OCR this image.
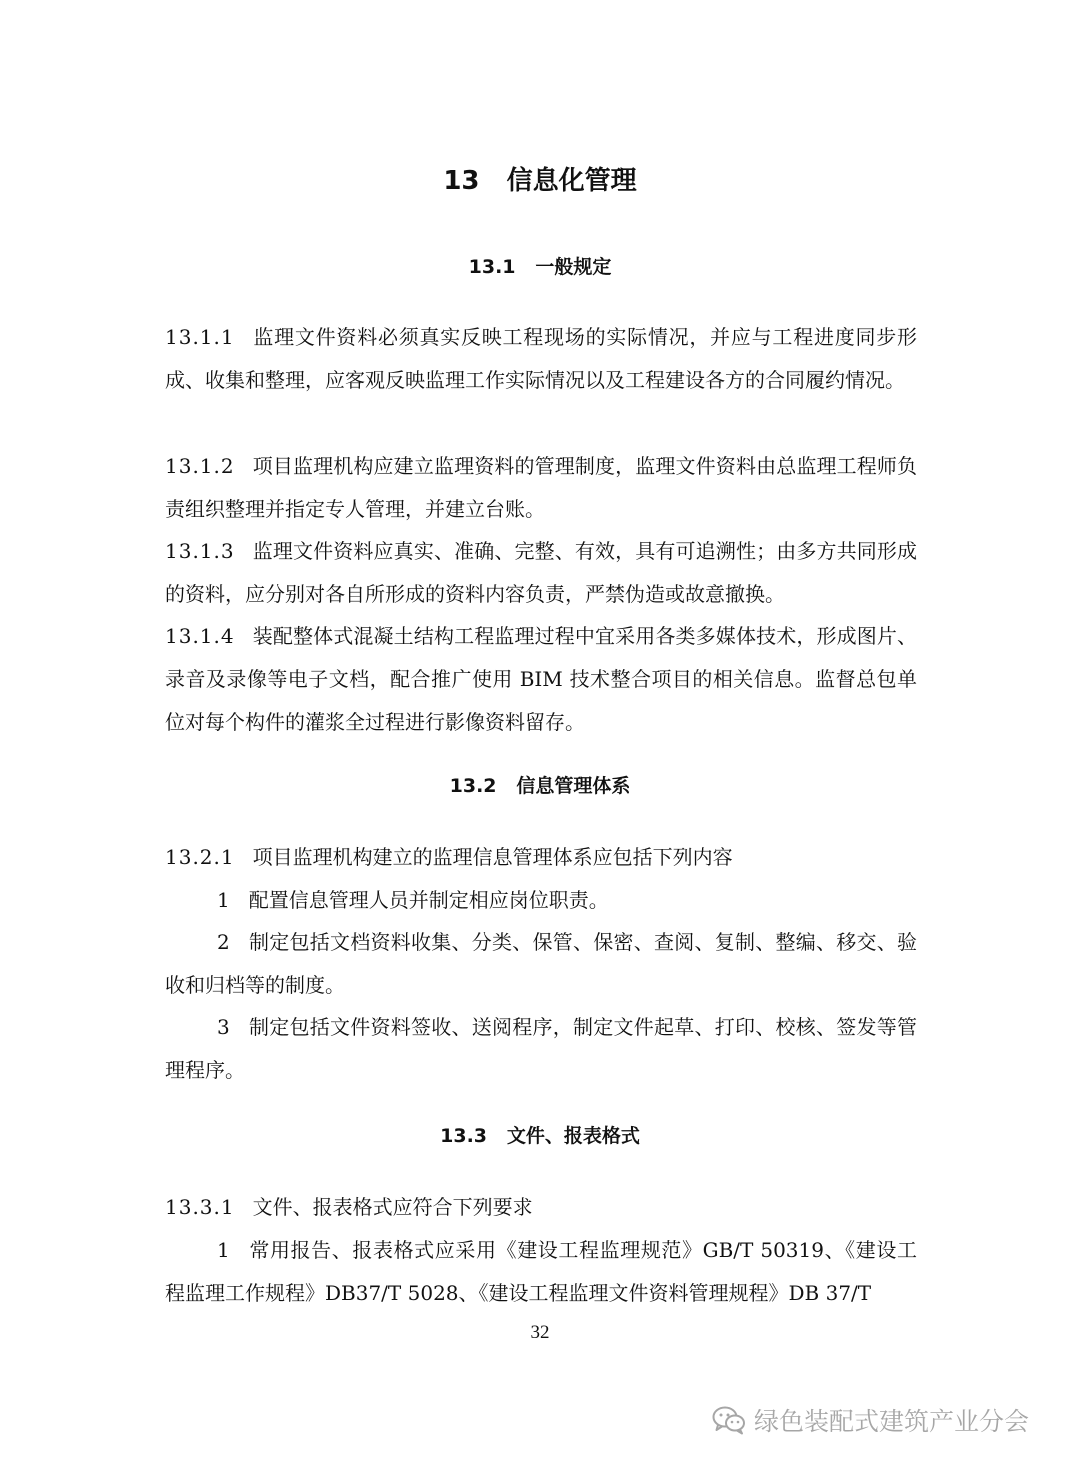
13   信息化管理
13.1   一般规定

13.1.1 监理文件资料必须真实反映工程现场的实际情况，并应与工程进度同步形成、收集和整理，应客观反映监理工作实际情况以及工程建设各方的合同履约情况。

13.1.2 项目监理机构应建立监理资料的管理制度，监理文件资料由总监理工程师负责组织整理并指定专人管理，并建立台账。

13.1.3 监理文件资料应真实、准确、完整、有效，具有可追溯性；由多方共同形成的资料，应分别对各自所形成的资料内容负责，严禁伪造或故意撤换。

13.1.4 装配整体式混凝土结构工程监理过程中宜采用各类多媒体技术，形成图片、录音及录像等电子文档，配合推广使用 BIM 技术整合项目的相关信息。监督总包单位对每个构件的灌浆全过程进行影像资料留存。

13.2   信息管理体系

13.2.1 项目监理机构建立的监理信息管理体系应包括下列内容

1 配置信息管理人员并制定相应岗位职责。

2 制定包括文档资料收集、分类、保管、保密、查阅、复制、整编、移交、验收和归档等的制度。

3 制定包括文件资料签收、送阅程序，制定文件起草、打印、校核、签发等管理程序。

13.3   文件、报表格式

13.3.1 文件、报表格式应符合下列要求

1 常用报告、报表格式应采用《建设工程监理规范》GB/T 50319、《建设工程监理工作规程》DB37/T 5028、《建设工程监理文件资料管理规程》DB 37/T

32
绿色装配式建筑产业分会
